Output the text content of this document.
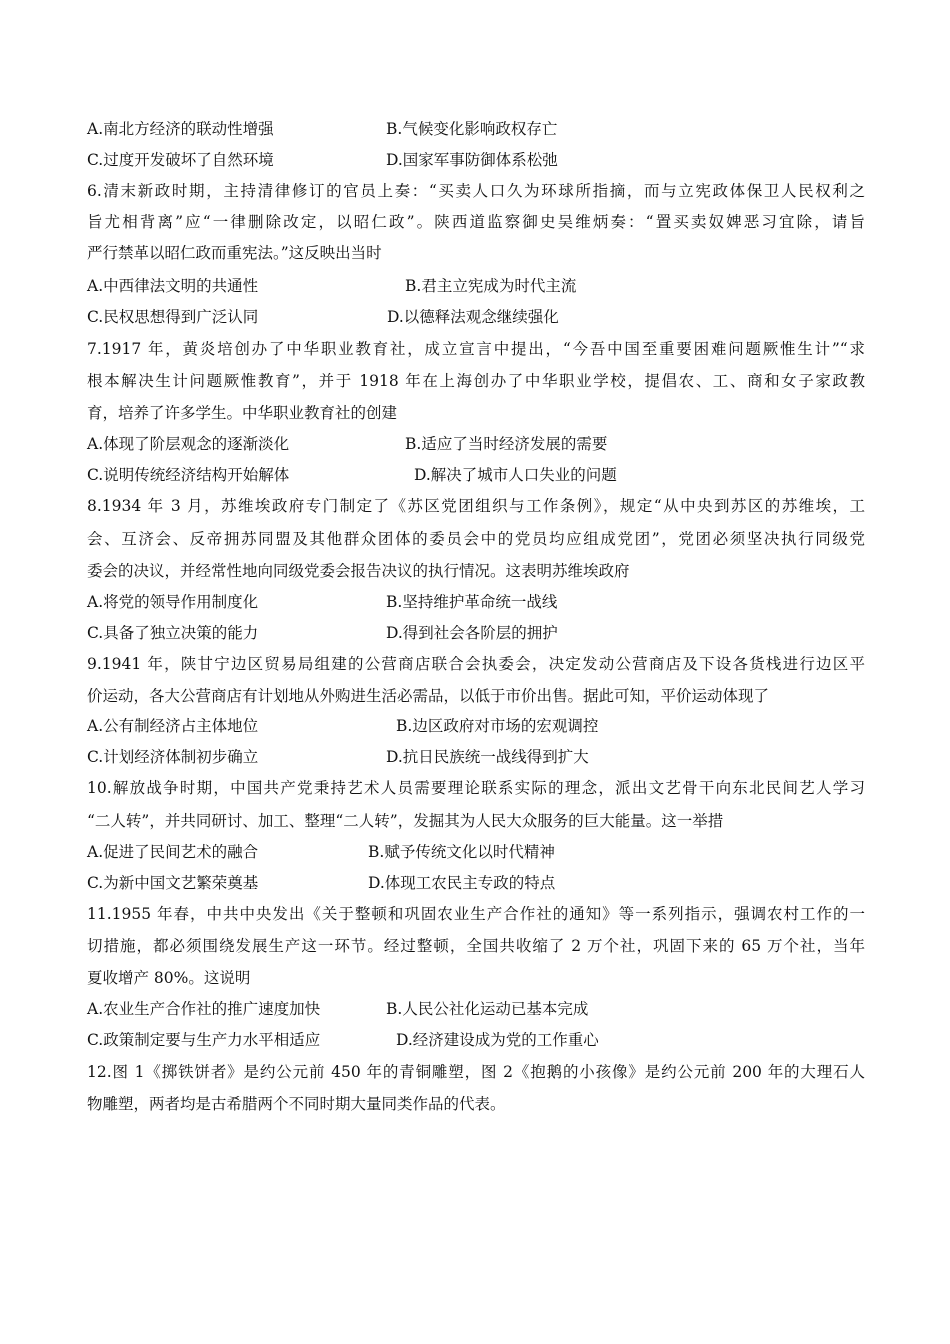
A.南北方经济的联动性增强	B.气候变化影响政权存亡
C.过度开发破坏了自然环境	D.国家军事防御体系松弛
6.清末新政时期，主持清律修订的官员上奏：“买卖人口久为环球所指摘，而与立宪政体保卫人民权利之
旨尤相背离”应“一律删除改定，以昭仁政”。陕西道监察御史吴维炳奏：“置买卖奴婢恶习宜除，请旨
严行禁革以昭仁政而重宪法。”这反映出当时
A.中西律法文明的共通性	B.君主立宪成为时代主流
C.民权思想得到广泛认同	D.以德释法观念继续强化
7.1917 年，黄炎培创办了中华职业教育社，成立宣言中提出，“今吾中国至重要困难问题厥惟生计”“求
根本解决生计问题厥惟教育”，并于 1918 年在上海创办了中华职业学校，提倡农、工、商和女子家政教
育，培养了许多学生。中华职业教育社的创建
A.体现了阶层观念的逐渐淡化	B.适应了当时经济发展的需要
C.说明传统经济结构开始解体	D.解决了城市人口失业的问题
8.1934 年 3 月，苏维埃政府专门制定了《苏区党团组织与工作条例》，规定“从中央到苏区的苏维埃，工
会、互济会、反帝拥苏同盟及其他群众团体的委员会中的党员均应组成党团”，党团必须坚决执行同级党
委会的决议，并经常性地向同级党委会报告决议的执行情况。这表明苏维埃政府
A.将党的领导作用制度化	B.坚持维护革命统一战线
C.具备了独立决策的能力	D.得到社会各阶层的拥护
9.1941 年，陕甘宁边区贸易局组建的公营商店联合会执委会，决定发动公营商店及下设各货栈进行边区平
价运动，各大公营商店有计划地从外购进生活必需品，以低于市价出售。据此可知，平价运动体现了
A.公有制经济占主体地位	B.边区政府对市场的宏观调控
C.计划经济体制初步确立	D.抗日民族统一战线得到扩大
10.解放战争时期，中国共产党秉持艺术人员需要理论联系实际的理念，派出文艺骨干向东北民间艺人学习
“二人转”，并共同研讨、加工、整理“二人转”，发掘其为人民大众服务的巨大能量。这一举措
A.促进了民间艺术的融合	B.赋予传统文化以时代精神
C.为新中国文艺繁荣奠基	D.体现工农民主专政的特点
11.1955 年春，中共中央发出《关于整顿和巩固农业生产合作社的通知》等一系列指示，强调农村工作的一
切措施，都必须围绕发展生产这一环节。经过整顿，全国共收缩了 2 万个社，巩固下来的 65 万个社，当年
夏收增产 80%。这说明
A.农业生产合作社的推广速度加快	B.人民公社化运动已基本完成
C.政策制定要与生产力水平相适应	D.经济建设成为党的工作重心
12.图 1《掷铁饼者》是约公元前 450 年的青铜雕塑，图 2《抱鹅的小孩像》是约公元前 200 年的大理石人
物雕塑，两者均是古希腊两个不同时期大量同类作品的代表。
